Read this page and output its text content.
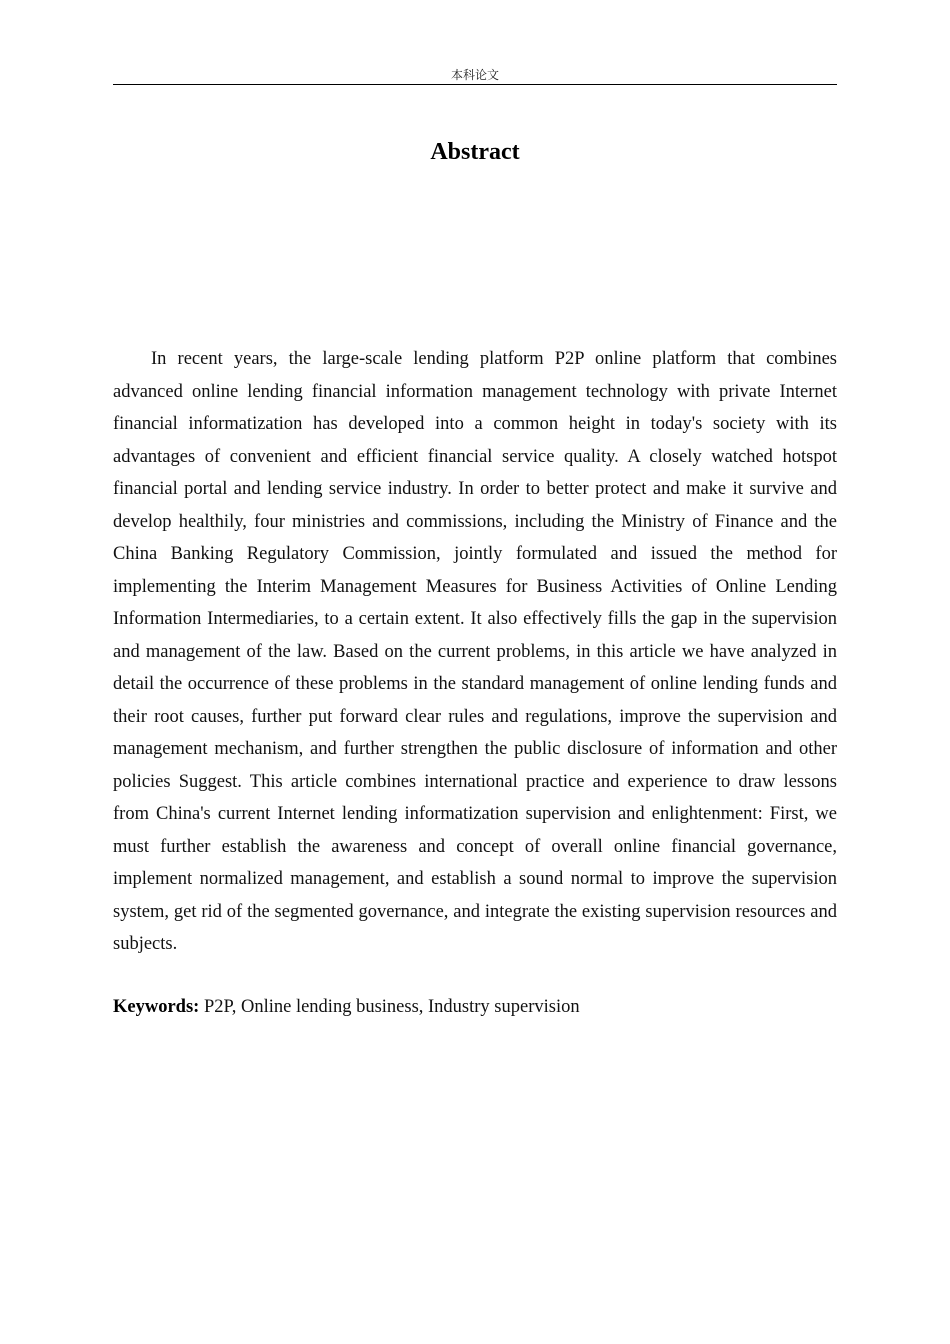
本科论文
Abstract

In recent years, the large-scale lending platform P2P online platform that combines advanced online lending financial information management technology with private Internet financial informatization has developed into a common height in today's society with its advantages of convenient and efficient financial service quality. A closely watched hotspot financial portal and lending service industry. In order to better protect and make it survive and develop healthily, four ministries and commissions, including the Ministry of Finance and the China Banking Regulatory Commission, jointly formulated and issued the method for implementing the Interim Management Measures for Business Activities of Online Lending Information Intermediaries, to a certain extent. It also effectively fills the gap in the supervision and management of the law. Based on the current problems, in this article we have analyzed in detail the occurrence of these problems in the standard management of online lending funds and their root causes, further put forward clear rules and regulations, improve the supervision and management mechanism, and further strengthen the public disclosure of information and other policies Suggest. This article combines international practice and experience to draw lessons from China's current Internet lending informatization supervision and enlightenment: First, we must further establish the awareness and concept of overall online financial governance, implement normalized management, and establish a sound normal to improve the supervision system, get rid of the segmented governance, and integrate the existing supervision resources and subjects.

Keywords: P2P, Online lending business, Industry supervision
